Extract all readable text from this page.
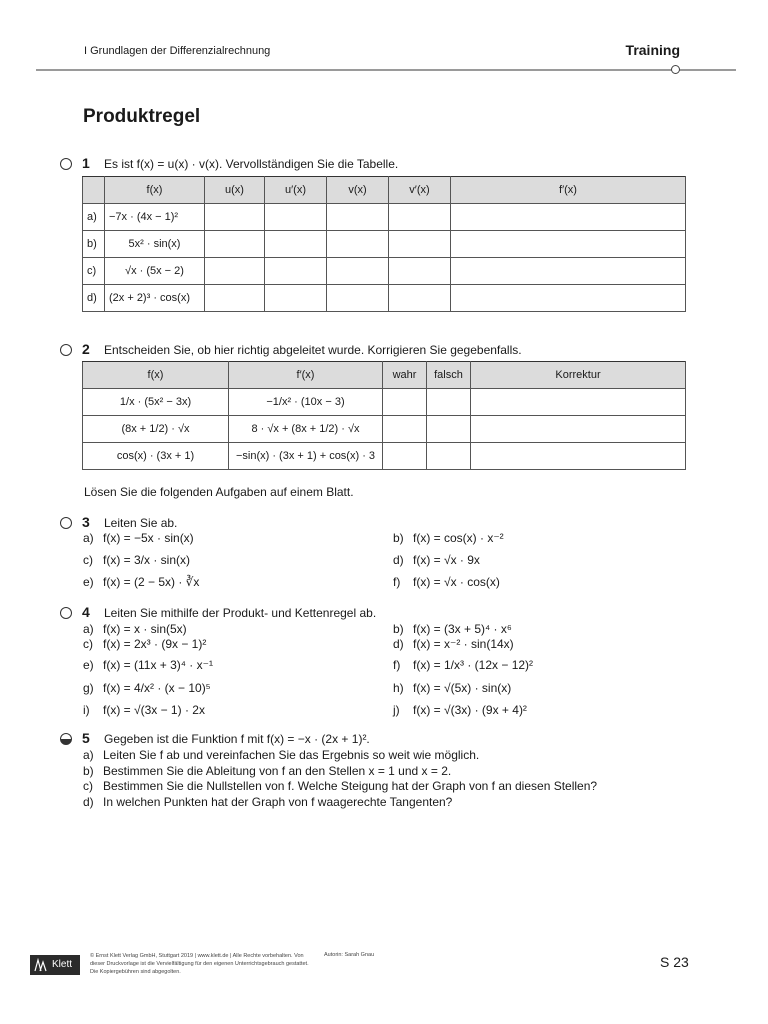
I Grundlagen der Differenzialrechnung	Training
Produktregel
1 Es ist f(x) = u(x) · v(x). Vervollständigen Sie die Tabelle.
	f(x)	u(x)	u′(x)	v(x)	v′(x)	f′(x)
a)	−7x · (4x − 1)²					
b)	5x² · sin(x)					
c)	√x · (5x − 2)					
d)	(2x + 2)³ · cos(x)					
2 Entscheiden Sie, ob hier richtig abgeleitet wurde. Korrigieren Sie gegebenfalls.
f(x)	f′(x)	wahr	falsch	Korrektur
1/x · (5x² − 3x)	−1/x² · (10x − 3)			
(8x + 1/2) · √x	8 · √x + (8x + 1/2) · √x			
cos(x) · (3x + 1)	−sin(x) · (3x + 1) + cos(x) · 3			
Lösen Sie die folgenden Aufgaben auf einem Blatt.
3 Leiten Sie ab.
a) f(x) = −5x · sin(x)	b) f(x) = cos(x) · x⁻²
c) f(x) = 3/x · sin(x)	d) f(x) = √x · 9x
e) f(x) = (2 − 5x) · ∛x	f) f(x) = √x · cos(x)
4 Leiten Sie mithilfe der Produkt- und Kettenregel ab.
a) f(x) = x · sin(5x)	b) f(x) = (3x + 5)⁴ · x⁶
c) f(x) = 2x³ · (9x − 1)²	d) f(x) = x⁻² · sin(14x)
e) f(x) = (11x + 3)⁴ · x⁻¹	f) f(x) = 1/x³ · (12x − 12)²
g) f(x) = 4/x² · (x − 10)⁵	h) f(x) = √(5x) · sin(x)
i) f(x) = √(3x − 1) · 2x	j) f(x) = √(3x) · (9x + 4)²
5 Gegeben ist die Funktion f mit f(x) = −x · (2x + 1)².
a) Leiten Sie f ab und vereinfachen Sie das Ergebnis so weit wie möglich.
b) Bestimmen Sie die Ableitung von f an den Stellen x = 1 und x = 2.
c) Bestimmen Sie die Nullstellen von f. Welche Steigung hat der Graph von f an diesen Stellen?
d) In welchen Punkten hat der Graph von f waagerechte Tangenten?
Klett
© Ernst Klett Verlag GmbH, Stuttgart 2019 | www.klett.de | Alle Rechte vorbehalten. Von dieser Druckvorlage ist die Vervielfältigung für den eigenen Unterrichtsgebrauch gestattet. Die Kopiergebühren sind abgegolten.
Autorin: Sarah Gnau	S 23
